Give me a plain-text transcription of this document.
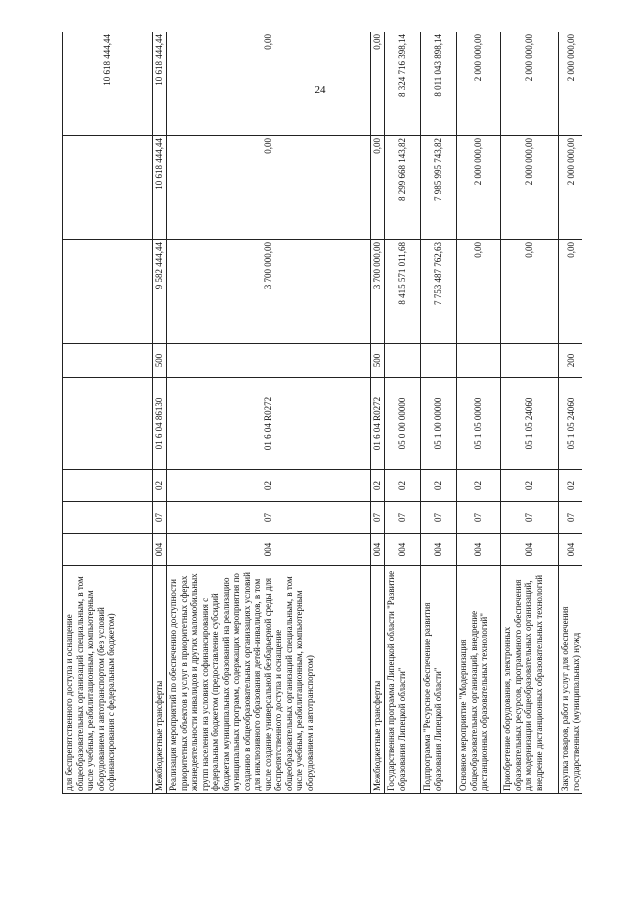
24
для беспрепятственного доступа и оснащение общеобразовательных организаций специальным, в том числе учебным, реабилитационным, компьютерным оборудованием и автотранспортом (без условий софинансирования с федеральным бюджетом)								10 618 444,44
Межбюджетные трансферты	004	07	02	01 6 04 86130	500	9 582 444,44	10 618 444,44	10 618 444,44
Реализация мероприятий по обеспечению доступности приоритетных объектов и услуг в приоритетных сферах жизнедеятельности инвалидов и других маломобильных групп населения на условиях софинансирования с федеральным бюджетом (предоставление субсидий бюджетам муниципальных образований на реализацию муниципальных программ, содержащих мероприятия по созданию в общеобразовательных организациях условий для инклюзивного образования детей-инвалидов, в том числе создание универсальной безбарьерной среды для беспрепятственного доступа и оснащение общеобразовательных организаций специальным, в том числе учебным, реабилитационным, компьютерным оборудованием и автотранспортом)	004	07	02	01 6 04 R0272		3 700 000,00	0,00	0,00
Межбюджетные трансферты	004	07	02	01 6 04 R0272	500	3 700 000,00	0,00	0,00
Государственная программа Липецкой области "Развитие образования Липецкой области"	004	07	02	05 0 00 00000		8 415 571 011,68	8 299 668 143,82	8 324 716 398,14
Подпрограмма "Ресурсное обеспечение развития образования Липецкой области"	004	07	02	05 1 00 00000		7 753 487 762,63	7 985 995 743,82	8 011 043 898,14
Основное мероприятие "Модернизация общеобразовательных организаций, внедрение дистанционных образовательных технологий"	004	07	02	05 1 05 00000		0,00	2 000 000,00	2 000 000,00
Приобретение оборудования, электронных образовательных ресурсов, программного обеспечения для модернизации общеобразовательных организаций, внедрение дистанционных образовательных технологий	004	07	02	05 1 05 24060		0,00	2 000 000,00	2 000 000,00
Закупка товаров, работ и услуг для обеспечения государственных (муниципальных) нужд	004	07	02	05 1 05 24060	200	0,00	2 000 000,00	2 000 000,00
